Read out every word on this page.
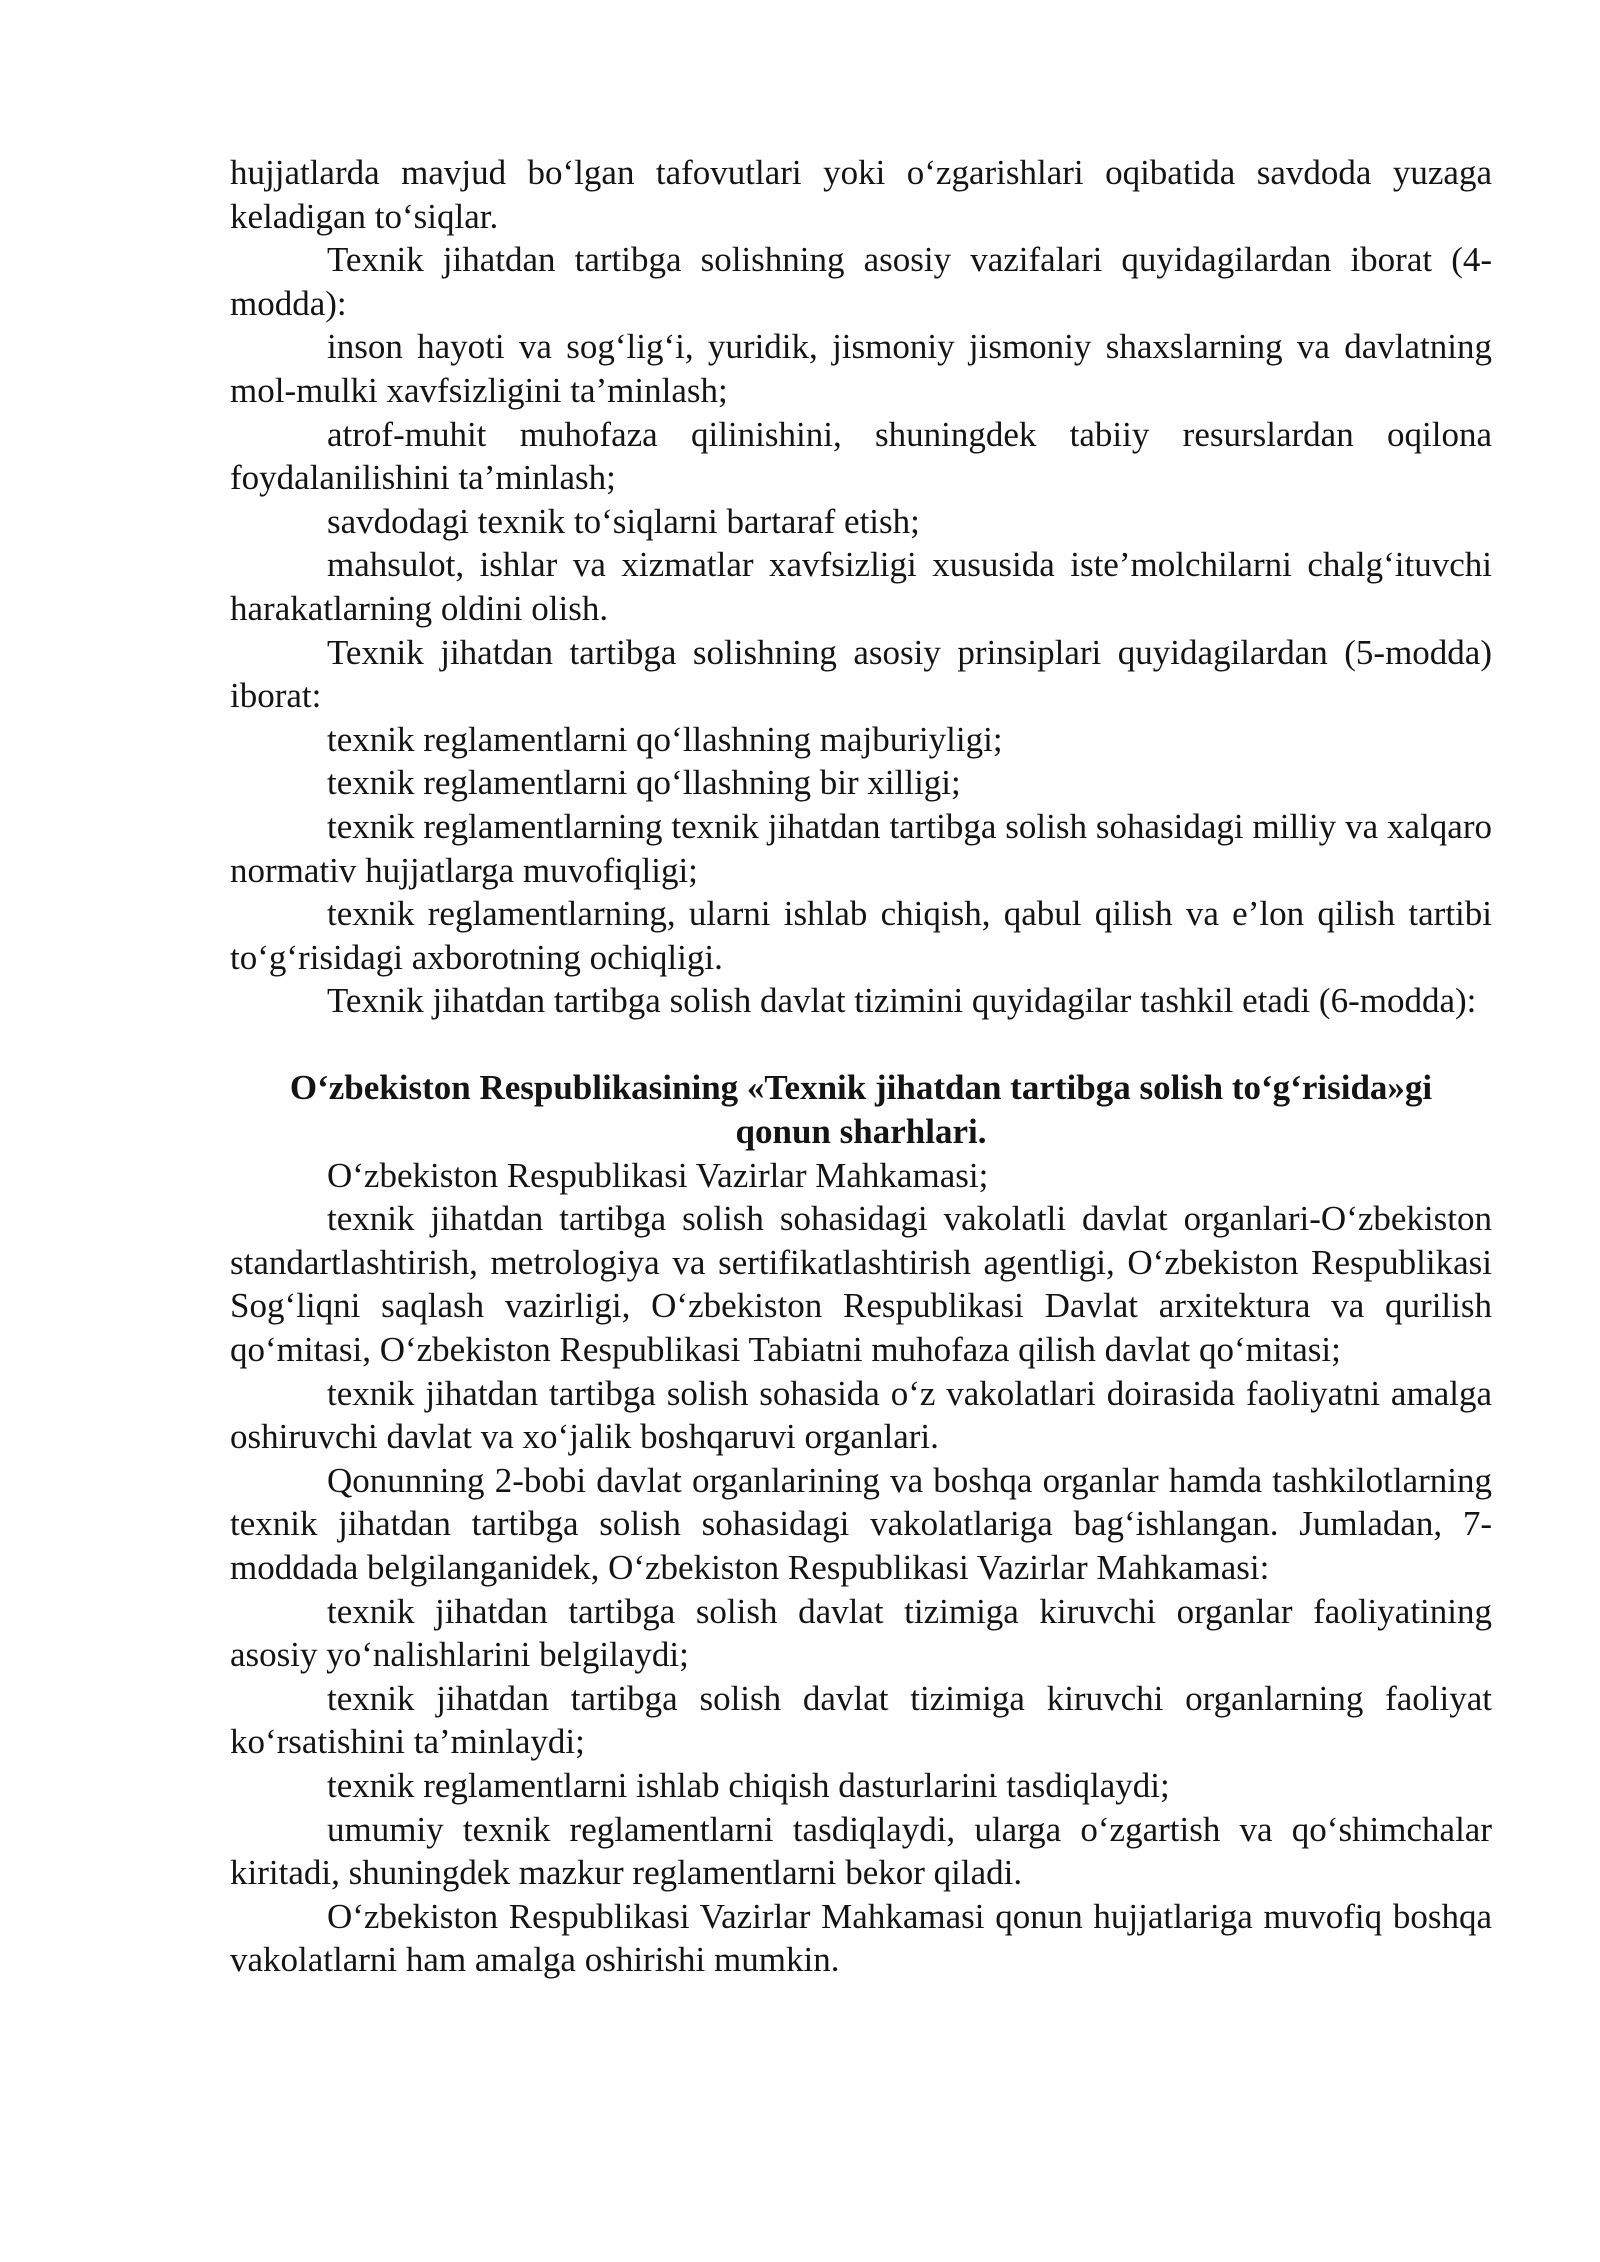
hujjatlarda mavjud bo‘lgan tafovutlari yoki o‘zgarishlari oqibatida savdoda yuzaga keladigan to‘siqlar.

Texnik jihatdan tartibga solishning asosiy vazifalari quyidagilardan iborat (4-modda):

inson hayoti va sog‘lig‘i, yuridik, jismoniy jismoniy shaxslarning va davlatning mol-mulki xavfsizligini ta’minlash;

atrof-muhit muhofaza qilinishini, shuningdek tabiiy resurslardan oqilona foydalanilishini ta’minlash;

savdodagi texnik to‘siqlarni bartaraf etish;

mahsulot, ishlar va xizmatlar xavfsizligi xususida iste’molchilarni chalg‘ituvchi harakatlarning oldini olish.

Texnik jihatdan tartibga solishning asosiy prinsiplari quyidagilardan (5-modda) iborat:

texnik reglamentlarni qo‘llashning majburiyligi;

texnik reglamentlarni qo‘llashning bir xilligi;

texnik reglamentlarning texnik jihatdan tartibga solish sohasidagi milliy va xalqaro normativ hujjatlarga muvofiqligi;

texnik reglamentlarning, ularni ishlab chiqish, qabul qilish va e’lon qilish tartibi to‘g‘risidagi axborotning ochiqligi.

Texnik jihatdan tartibga solish davlat tizimini quyidagilar tashkil etadi (6-modda):

O‘zbekiston Respublikasining «Texnik jihatdan tartibga solish to‘g‘risida»gi qonun sharhlari.

O‘zbekiston Respublikasi Vazirlar Mahkamasi;

texnik jihatdan tartibga solish sohasidagi vakolatli davlat organlari-O‘zbekiston standartlashtirish, metrologiya va sertifikatlashtirish agentligi, O‘zbekiston Respublikasi Sog‘liqni saqlash vazirligi, O‘zbekiston Respublikasi Davlat arxitektura va qurilish qo‘mitasi, O‘zbekiston Respublikasi Tabiatni muhofaza qilish davlat qo‘mitasi;

texnik jihatdan tartibga solish sohasida o‘z vakolatlari doirasida faoliyatni amalga oshiruvchi davlat va xo‘jalik boshqaruvi organlari.

Qonunning 2-bobi davlat organlarining va boshqa organlar hamda tashkilotlarning texnik jihatdan tartibga solish sohasidagi vakolatlariga bag‘ishlangan. Jumladan, 7-moddada belgilanganidek, O‘zbekiston Respublikasi Vazirlar Mahkamasi:

texnik jihatdan tartibga solish davlat tizimiga kiruvchi organlar faoliyatining asosiy yo‘nalishlarini belgilaydi;

texnik jihatdan tartibga solish davlat tizimiga kiruvchi organlarning faoliyat ko‘rsatishini ta’minlaydi;

texnik reglamentlarni ishlab chiqish dasturlarini tasdiqlaydi;

umumiy texnik reglamentlarni tasdiqlaydi, ularga o‘zgartish va qo‘shimchalar kiritadi, shuningdek mazkur reglamentlarni bekor qiladi.

O‘zbekiston Respublikasi Vazirlar Mahkamasi qonun hujjatlariga muvofiq boshqa vakolatlarni ham amalga oshirishi mumkin.
